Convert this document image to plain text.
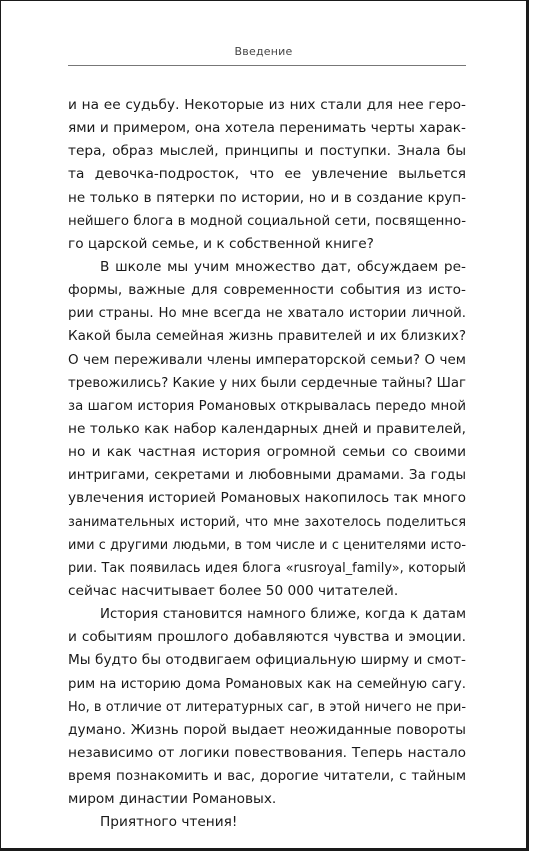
Введение
и на ее судьбу. Некоторые из них стали для нее геро-
ями и примером, она хотела перенимать черты харак-
тера, образ мыслей, принципы и поступки. Знала бы
та девочка-подросток, что ее увлечение выльется
не только в пятерки по истории, но и в создание круп-
нейшего блога в модной социальной сети, посвященно-
го царской семье, и к собственной книге?
В школе мы учим множество дат, обсуждаем ре-
формы, важные для современности события из исто-
рии страны. Но мне всегда не хватало истории личной.
Какой была семейная жизнь правителей и их близких?
О чем переживали члены императорской семьи? О чем
тревожились? Какие у них были сердечные тайны? Шаг
за шагом история Романовых открывалась передо мной
не только как набор календарных дней и правителей,
но и как частная история огромной семьи со своими
интригами, секретами и любовными драмами. За годы
увлечения историей Романовых накопилось так много
занимательных историй, что мне захотелось поделиться
ими с другими людьми, в том числе и с ценителями исто-
рии. Так появилась идея блога «rusroyal_family», который
сейчас насчитывает более 50 000 читателей.
История становится намного ближе, когда к датам
и событиям прошлого добавляются чувства и эмоции.
Мы будто бы отодвигаем официальную ширму и смот-
рим на историю дома Романовых как на семейную сагу.
Но, в отличие от литературных саг, в этой ничего не при-
думано. Жизнь порой выдает неожиданные повороты
независимо от логики повествования. Теперь настало
время познакомить и вас, дорогие читатели, с тайным
миром династии Романовых.
Приятного чтения!
